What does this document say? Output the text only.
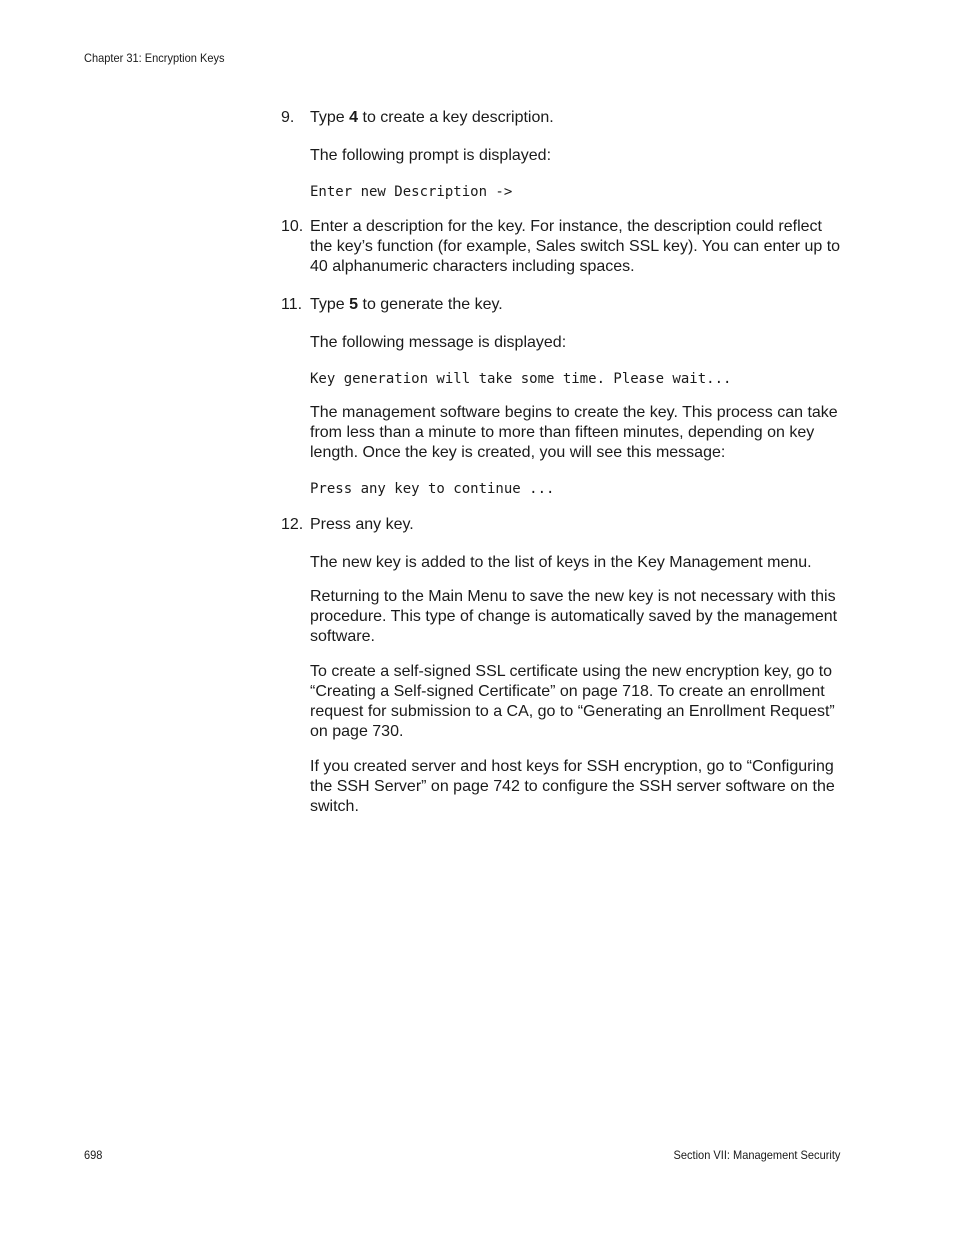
Chapter 31: Encryption Keys
9. Type 4 to create a key description.
The following prompt is displayed:
Enter new Description ->
10. Enter a description for the key. For instance, the description could reflect the key’s function (for example, Sales switch SSL key). You can enter up to 40 alphanumeric characters including spaces.
11. Type 5 to generate the key.
The following message is displayed:
Key generation will take some time. Please wait...
The management software begins to create the key. This process can take from less than a minute to more than fifteen minutes, depending on key length. Once the key is created, you will see this message:
Press any key to continue ...
12. Press any key.
The new key is added to the list of keys in the Key Management menu.
Returning to the Main Menu to save the new key is not necessary with this procedure. This type of change is automatically saved by the management software.
To create a self-signed SSL certificate using the new encryption key, go to “Creating a Self-signed Certificate” on page 718. To create an enrollment request for submission to a CA, go to “Generating an Enrollment Request” on page 730.
If you created server and host keys for SSH encryption, go to “Configuring the SSH Server” on page 742 to configure the SSH server software on the switch.
698	Section VII: Management Security
